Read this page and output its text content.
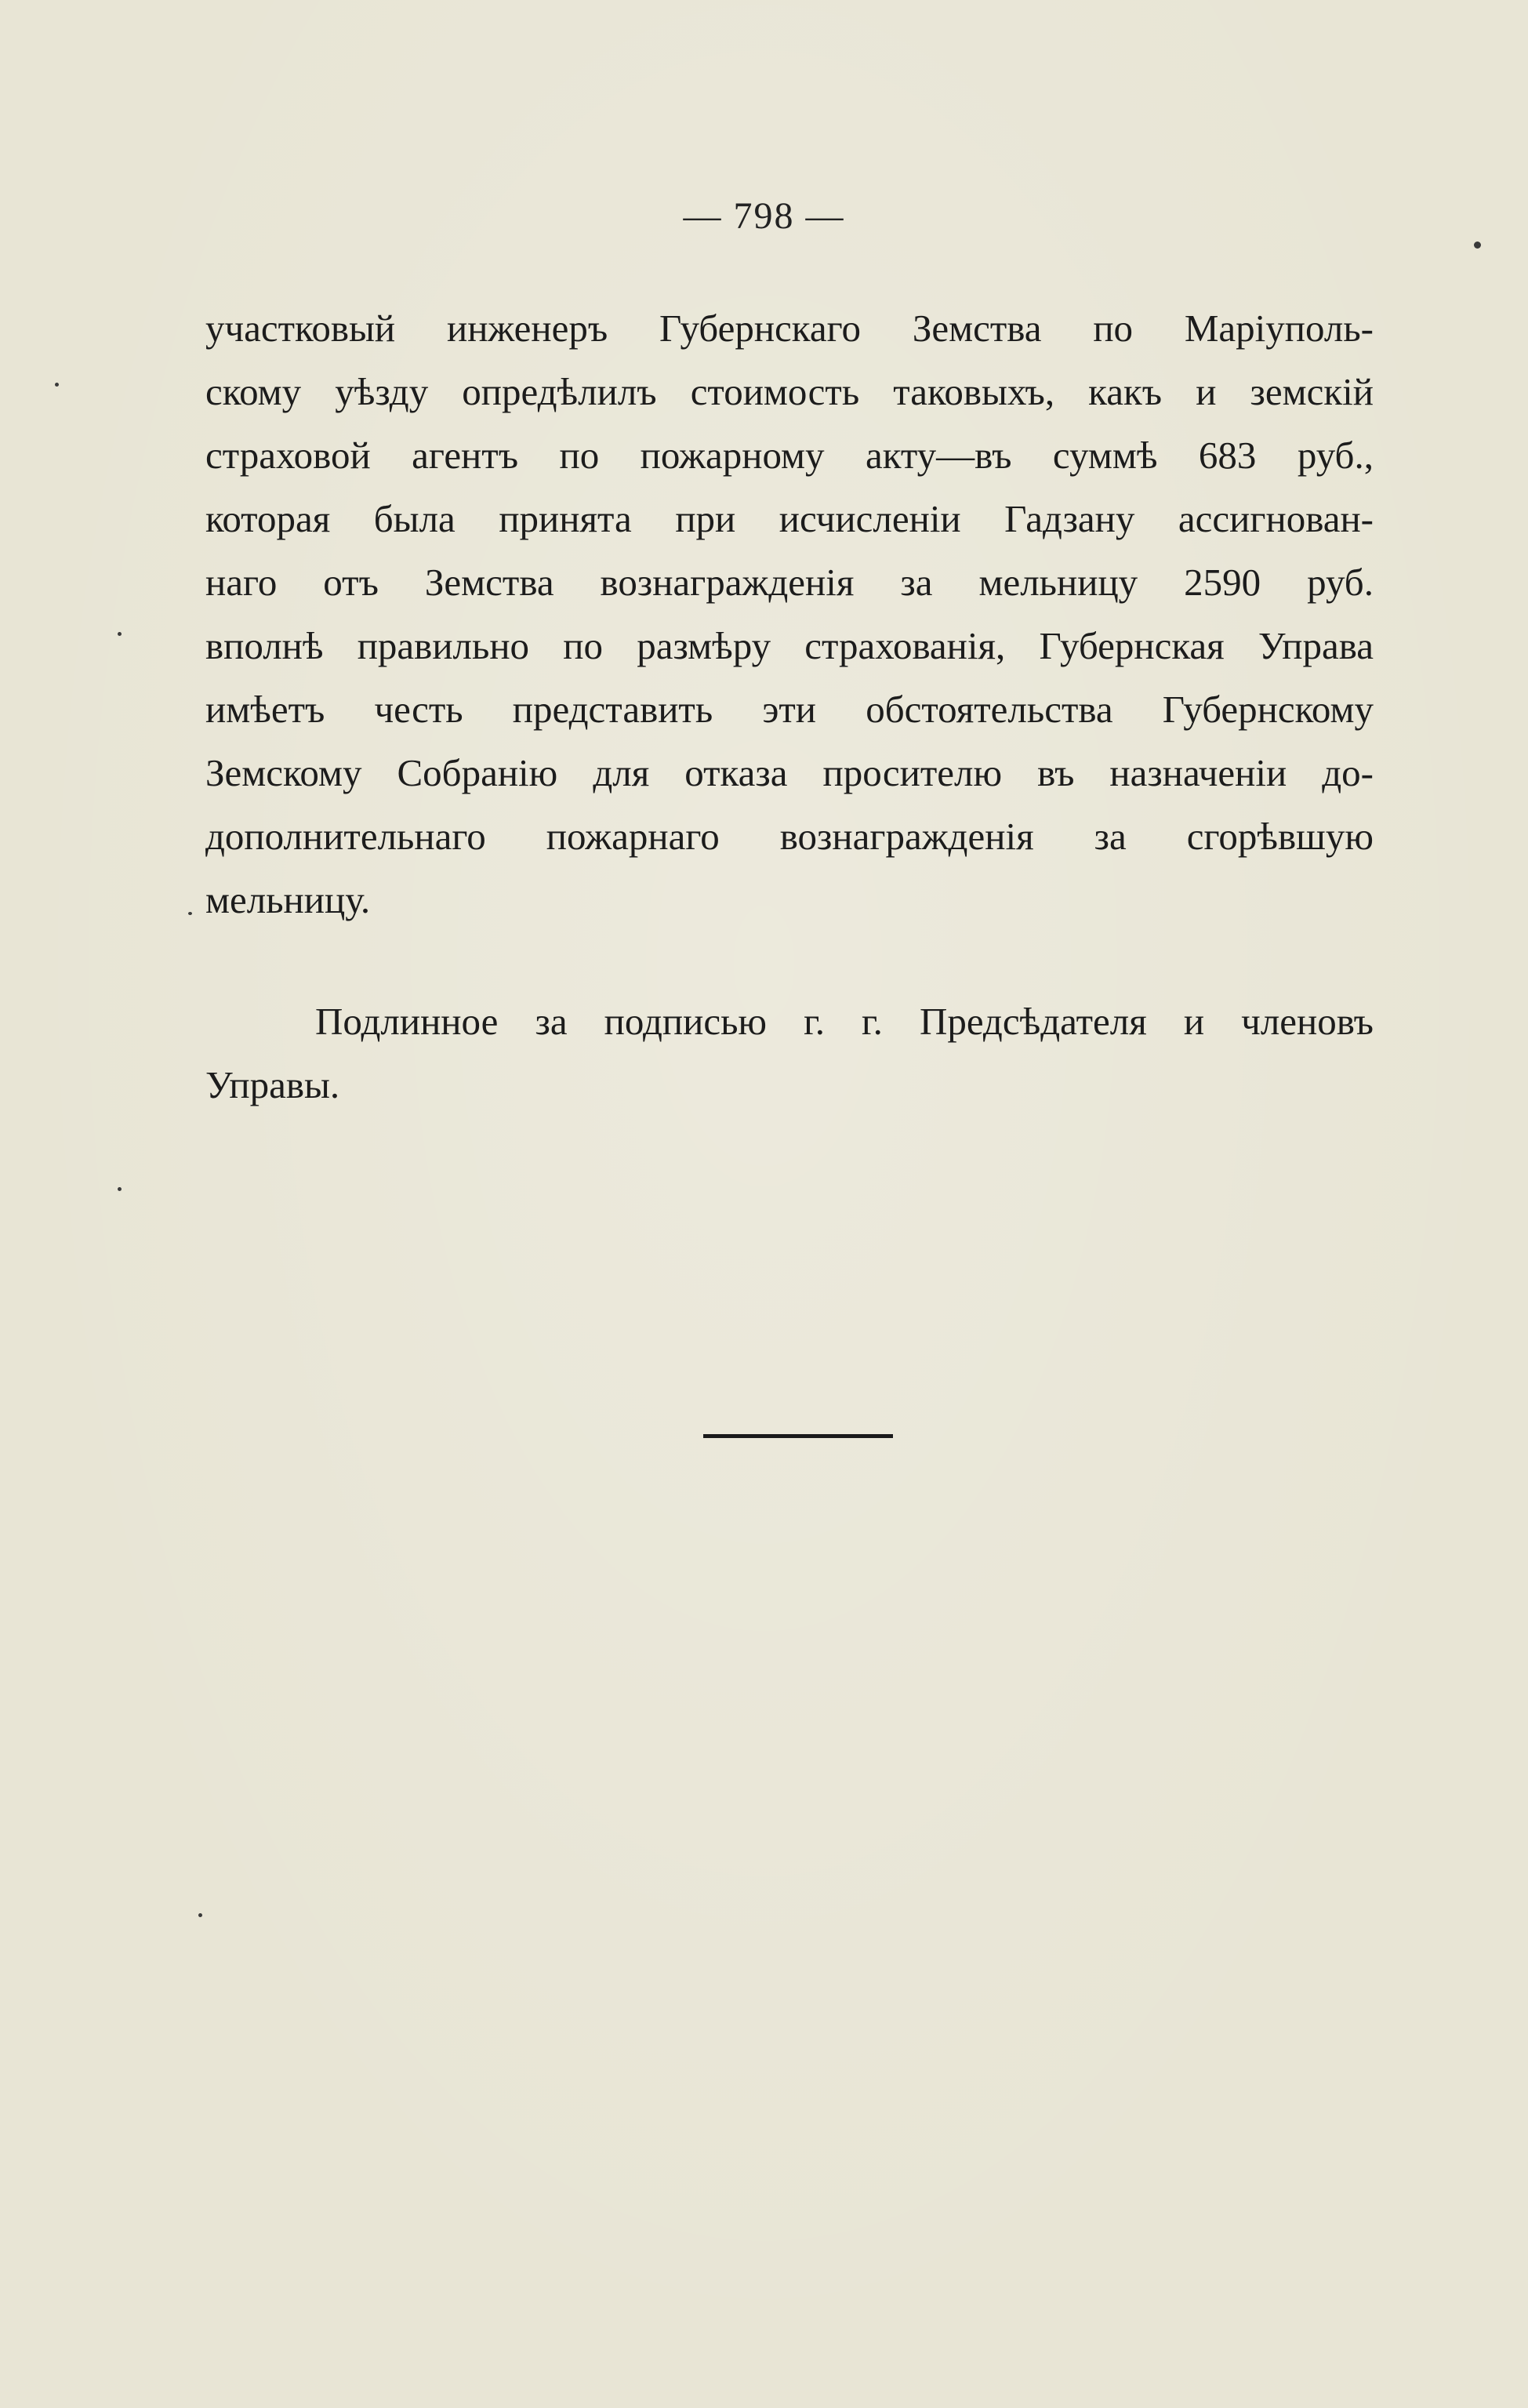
— 798 —
участковый инженеръ Губернскаго Земства по Маріуполь-
скому уѣзду опредѣлилъ стоимость таковыхъ, какъ и земскій
страховой агентъ по пожарному акту—въ суммѣ 683 руб.,
которая была принята при исчисленіи Гадзану ассигнован-
наго отъ Земства вознагражденія за мельницу 2590 руб.
вполнѣ правильно по размѣру страхованія, Губернская Управа
имѣетъ честь представить эти обстоятельства Губернскому
Земскому Собранію для отказа просителю въ назначеніи до-
дополнительнаго пожарнаго вознагражденія за сгорѣвшую
мельницу.
Подлинное за подписью г. г. Предсѣдателя и членовъ
Управы.
